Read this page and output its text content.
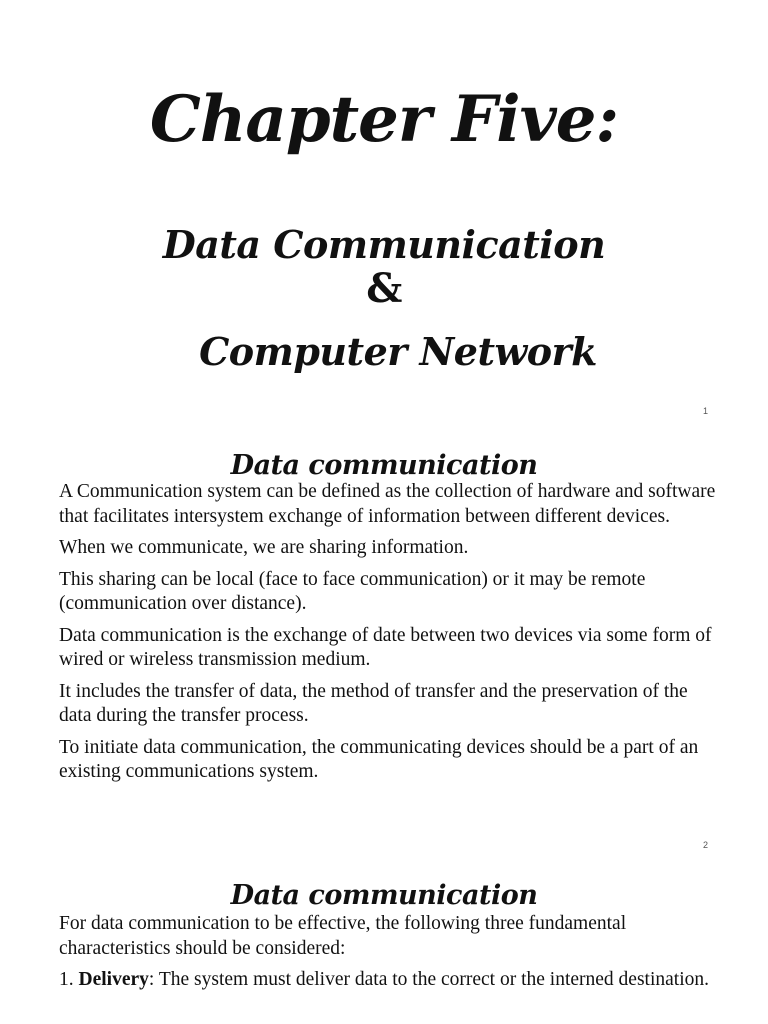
Chapter Five:
Data Communication
&
Computer Network
1
Data communication

A Communication system can be defined as the collection of hardware and software that facilitates intersystem exchange of information between different devices.

When we communicate, we are sharing information.

This sharing can be local (face to face communication) or it may be remote (communication over distance).

Data communication is the exchange of date between two devices via some form of wired or wireless transmission medium.

It includes the transfer of data, the method of transfer and the preservation of the data during the transfer process.

To initiate data communication, the communicating devices should be a part of an existing communications system.

2
Data communication

For data communication to be effective, the following three fundamental characteristics should be considered:

1. Delivery: The system must deliver data to the correct or the interned destination.
